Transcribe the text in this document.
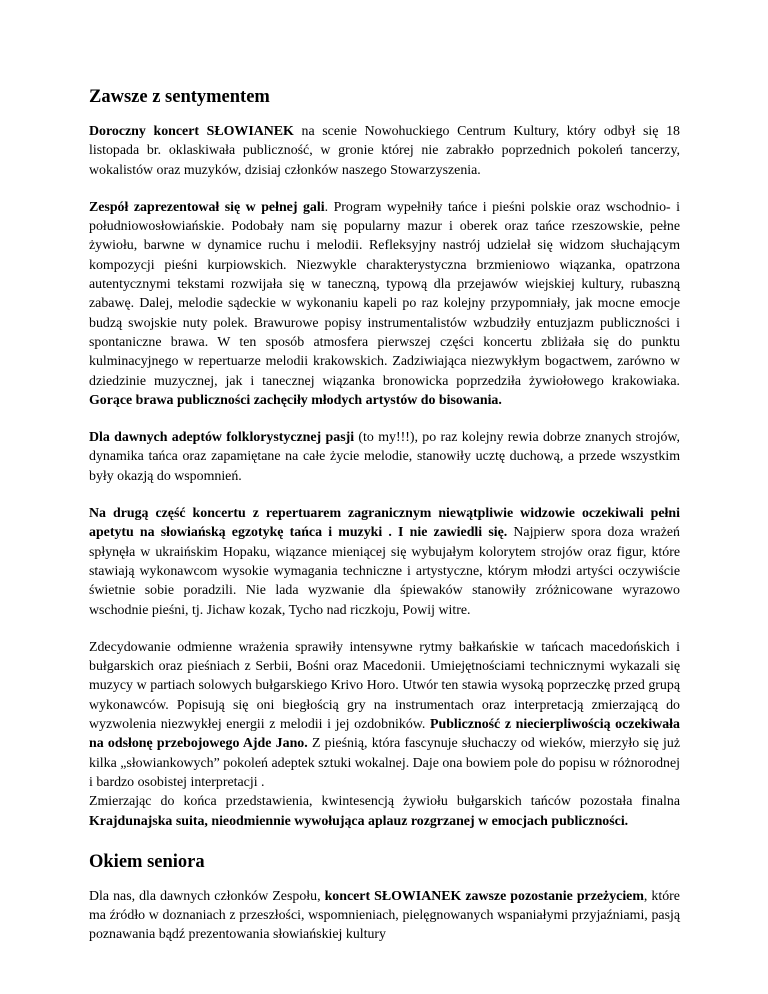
Zawsze z sentymentem

Doroczny koncert SŁOWIANEK na scenie Nowohuckiego Centrum Kultury, który odbył się 18 listopada br. oklaskiwała publiczność, w gronie której nie zabrakło poprzednich pokoleń tancerzy, wokalistów oraz muzyków, dzisiaj członków naszego Stowarzyszenia.

Zespół zaprezentował się w pełnej gali. Program wypełniły tańce i pieśni polskie oraz wschodnio- i południowosłowiańskie. Podobały nam się popularny mazur i oberek oraz tańce rzeszowskie, pełne żywiołu, barwne w dynamice ruchu i melodii. Refleksyjny nastrój udzielał się widzom słuchającym kompozycji pieśni kurpiowskich. Niezwykle charakterystyczna brzmieniowo wiązanka, opatrzona autentycznymi tekstami rozwijała się w taneczną, typową dla przejawów wiejskiej kultury, rubaszną zabawę. Dalej, melodie sądeckie w wykonaniu kapeli po raz kolejny przypomniały, jak mocne emocje budzą swojskie nuty polek. Brawurowe popisy instrumentalistów wzbudziły entuzjazm publiczności i spontaniczne brawa. W ten sposób atmosfera pierwszej części koncertu zbliżała się do punktu kulminacyjnego w repertuarze melodii krakowskich. Zadziwiająca niezwykłym bogactwem, zarówno w dziedzinie muzycznej, jak i tanecznej wiązanka bronowicka poprzedziła żywiołowego krakowiaka. Gorące brawa publiczności zachęciły młodych artystów do bisowania.

Dla dawnych adeptów folklorystycznej pasji (to my!!!), po raz kolejny rewia dobrze znanych strojów, dynamika tańca oraz zapamiętane na całe życie melodie, stanowiły ucztę duchową, a przede wszystkim były okazją do wspomnień.

Na drugą część koncertu z repertuarem zagranicznym niewątpliwie widzowie oczekiwali pełni apetytu na słowiańską egzotykę tańca i muzyki . I nie zawiedli się. Najpierw spora doza wrażeń spłynęła w ukraińskim Hopaku, wiązance mieniącej się wybujałym kolorytem strojów oraz figur, które stawiają wykonawcom wysokie wymagania techniczne i artystyczne, którym młodzi artyści oczywiście świetnie sobie poradzili. Nie lada wyzwanie dla śpiewaków stanowiły zróżnicowane wyrazowo wschodnie pieśni, tj. Jichaw kozak, Tycho nad riczkoju, Powij witre.

Zdecydowanie odmienne wrażenia sprawiły intensywne rytmy bałkańskie w tańcach macedońskich i bułgarskich oraz pieśniach z Serbii, Bośni oraz Macedonii. Umiejętnościami technicznymi wykazali się muzycy w partiach solowych bułgarskiego Krivo Horo. Utwór ten stawia wysoką poprzeczkę przed grupą wykonawców. Popisują się oni biegłością gry na instrumentach oraz interpretacją zmierzającą do wyzwolenia niezwykłej energii z melodii i jej ozdobników. Publiczność z niecierpliwością oczekiwała na odsłonę przebojowego Ajde Jano. Z pieśnią, która fascynuje słuchaczy od wieków, mierzyło się już kilka „słowiankowych” pokoleń adeptek sztuki wokalnej. Daje ona bowiem pole do popisu w różnorodnej i bardzo osobistej interpretacji .

Zmierzając do końca przedstawienia, kwintesencją żywiołu bułgarskich tańców pozostała finalna Krajdunajska suita, nieodmiennie wywołująca aplauz rozgrzanej w emocjach publiczności.

Okiem seniora

Dla nas, dla dawnych członków Zespołu, koncert SŁOWIANEK zawsze pozostanie przeżyciem, które ma źródło w doznaniach z przeszłości, wspomnieniach, pielęgnowanych wspaniałymi przyjaźniami, pasją poznawania bądź prezentowania słowiańskiej kultury
